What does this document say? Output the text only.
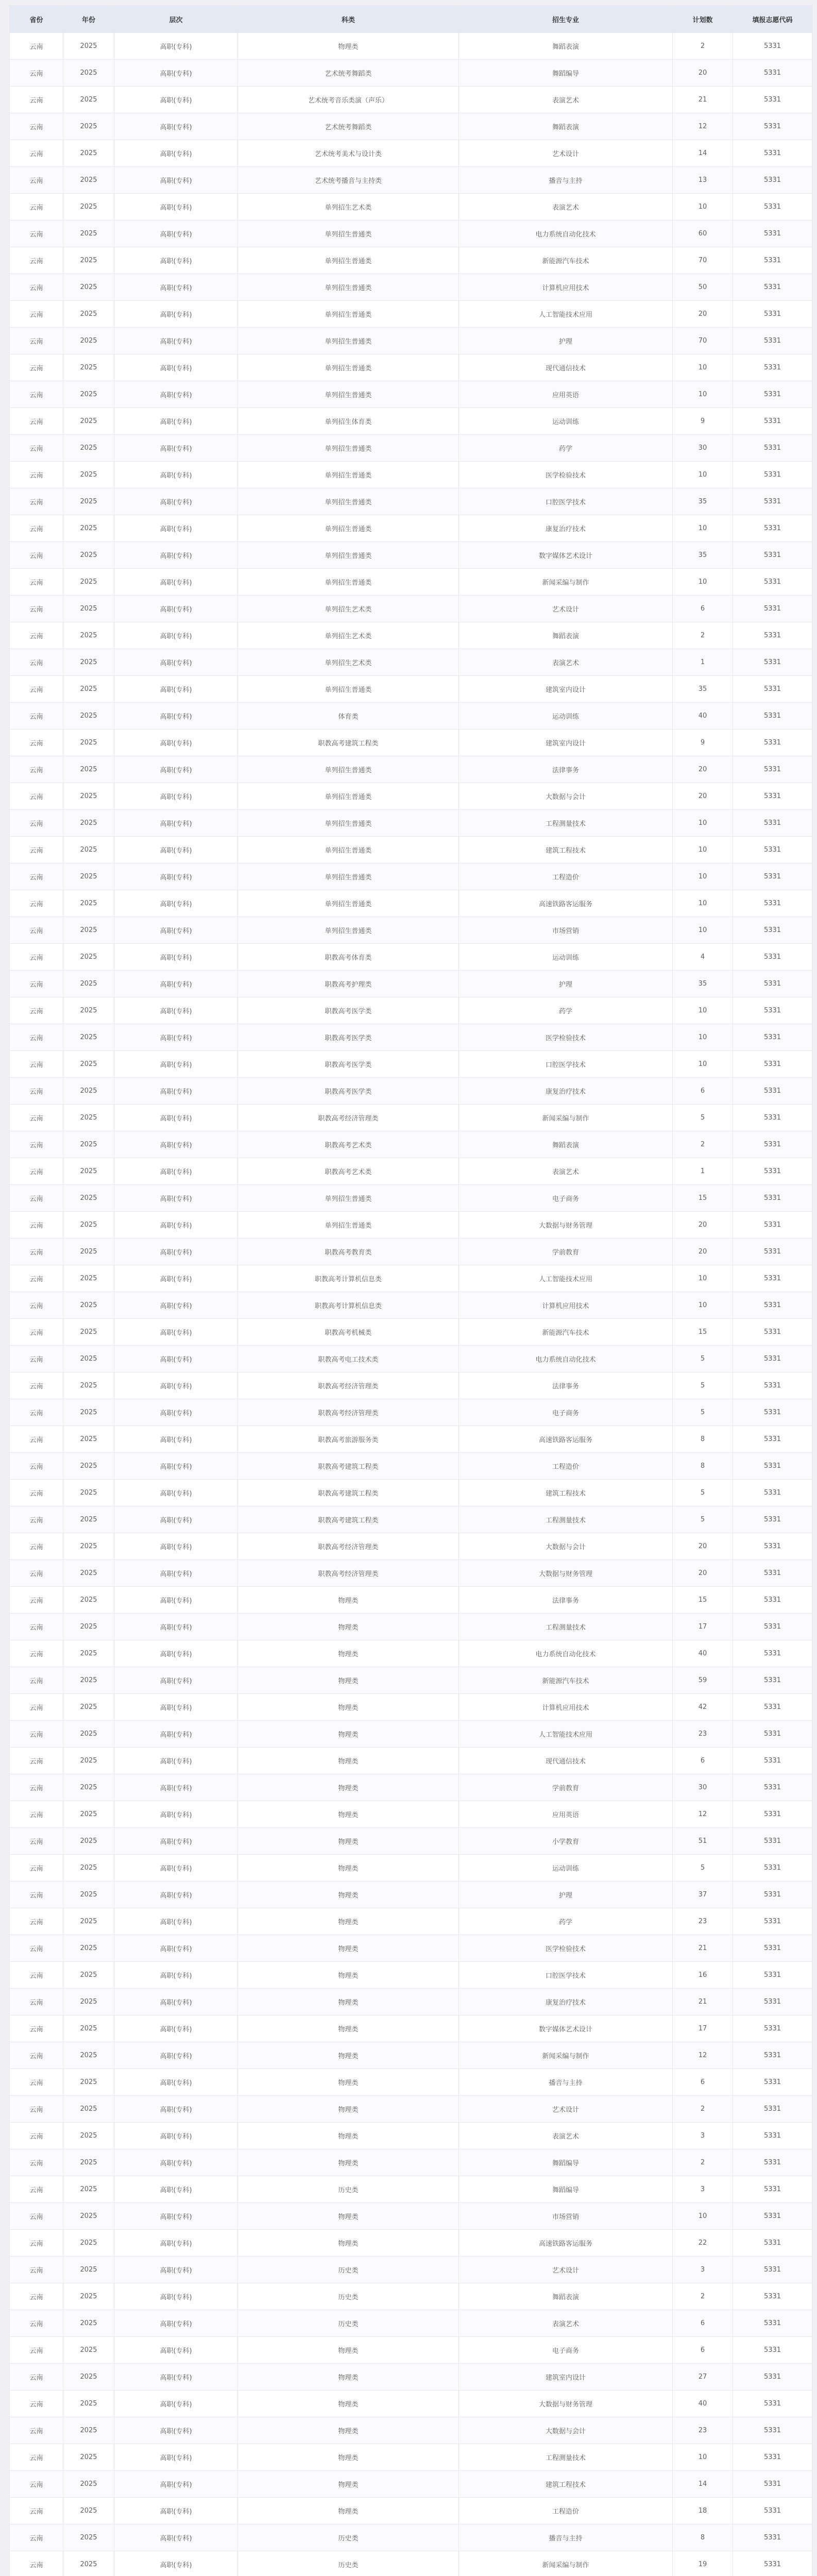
省份	年份	层次	科类	招生专业	计划数	填报志愿代码
云南	2025	高职(专科)	物理类	舞蹈表演	2	5331
云南	2025	高职(专科)	艺术统考舞蹈类	舞蹈编导	20	5331
云南	2025	高职(专科)	艺术统考音乐类演（声乐）	表演艺术	21	5331
云南	2025	高职(专科)	艺术统考舞蹈类	舞蹈表演	12	5331
云南	2025	高职(专科)	艺术统考美术与设计类	艺术设计	14	5331
云南	2025	高职(专科)	艺术统考播音与主持类	播音与主持	13	5331
云南	2025	高职(专科)	单列招生艺术类	表演艺术	10	5331
云南	2025	高职(专科)	单列招生普通类	电力系统自动化技术	60	5331
云南	2025	高职(专科)	单列招生普通类	新能源汽车技术	70	5331
云南	2025	高职(专科)	单列招生普通类	计算机应用技术	50	5331
云南	2025	高职(专科)	单列招生普通类	人工智能技术应用	20	5331
云南	2025	高职(专科)	单列招生普通类	护理	70	5331
云南	2025	高职(专科)	单列招生普通类	现代通信技术	10	5331
云南	2025	高职(专科)	单列招生普通类	应用英语	10	5331
云南	2025	高职(专科)	单列招生体育类	运动训练	9	5331
云南	2025	高职(专科)	单列招生普通类	药学	30	5331
云南	2025	高职(专科)	单列招生普通类	医学检验技术	10	5331
云南	2025	高职(专科)	单列招生普通类	口腔医学技术	35	5331
云南	2025	高职(专科)	单列招生普通类	康复治疗技术	10	5331
云南	2025	高职(专科)	单列招生普通类	数字媒体艺术设计	35	5331
云南	2025	高职(专科)	单列招生普通类	新闻采编与制作	10	5331
云南	2025	高职(专科)	单列招生艺术类	艺术设计	6	5331
云南	2025	高职(专科)	单列招生艺术类	舞蹈表演	2	5331
云南	2025	高职(专科)	单列招生艺术类	表演艺术	1	5331
云南	2025	高职(专科)	单列招生普通类	建筑室内设计	35	5331
云南	2025	高职(专科)	体育类	运动训练	40	5331
云南	2025	高职(专科)	职教高考建筑工程类	建筑室内设计	9	5331
云南	2025	高职(专科)	单列招生普通类	法律事务	20	5331
云南	2025	高职(专科)	单列招生普通类	大数据与会计	20	5331
云南	2025	高职(专科)	单列招生普通类	工程测量技术	10	5331
云南	2025	高职(专科)	单列招生普通类	建筑工程技术	10	5331
云南	2025	高职(专科)	单列招生普通类	工程造价	10	5331
云南	2025	高职(专科)	单列招生普通类	高速铁路客运服务	10	5331
云南	2025	高职(专科)	单列招生普通类	市场营销	10	5331
云南	2025	高职(专科)	职教高考体育类	运动训练	4	5331
云南	2025	高职(专科)	职教高考护理类	护理	35	5331
云南	2025	高职(专科)	职教高考医学类	药学	10	5331
云南	2025	高职(专科)	职教高考医学类	医学检验技术	10	5331
云南	2025	高职(专科)	职教高考医学类	口腔医学技术	10	5331
云南	2025	高职(专科)	职教高考医学类	康复治疗技术	6	5331
云南	2025	高职(专科)	职教高考经济管理类	新闻采编与制作	5	5331
云南	2025	高职(专科)	职教高考艺术类	舞蹈表演	2	5331
云南	2025	高职(专科)	职教高考艺术类	表演艺术	1	5331
云南	2025	高职(专科)	单列招生普通类	电子商务	15	5331
云南	2025	高职(专科)	单列招生普通类	大数据与财务管理	20	5331
云南	2025	高职(专科)	职教高考教育类	学前教育	20	5331
云南	2025	高职(专科)	职教高考计算机信息类	人工智能技术应用	10	5331
云南	2025	高职(专科)	职教高考计算机信息类	计算机应用技术	10	5331
云南	2025	高职(专科)	职教高考机械类	新能源汽车技术	15	5331
云南	2025	高职(专科)	职教高考电工技术类	电力系统自动化技术	5	5331
云南	2025	高职(专科)	职教高考经济管理类	法律事务	5	5331
云南	2025	高职(专科)	职教高考经济管理类	电子商务	5	5331
云南	2025	高职(专科)	职教高考旅游服务类	高速铁路客运服务	8	5331
云南	2025	高职(专科)	职教高考建筑工程类	工程造价	8	5331
云南	2025	高职(专科)	职教高考建筑工程类	建筑工程技术	5	5331
云南	2025	高职(专科)	职教高考建筑工程类	工程测量技术	5	5331
云南	2025	高职(专科)	职教高考经济管理类	大数据与会计	20	5331
云南	2025	高职(专科)	职教高考经济管理类	大数据与财务管理	20	5331
云南	2025	高职(专科)	物理类	法律事务	15	5331
云南	2025	高职(专科)	物理类	工程测量技术	17	5331
云南	2025	高职(专科)	物理类	电力系统自动化技术	40	5331
云南	2025	高职(专科)	物理类	新能源汽车技术	59	5331
云南	2025	高职(专科)	物理类	计算机应用技术	42	5331
云南	2025	高职(专科)	物理类	人工智能技术应用	23	5331
云南	2025	高职(专科)	物理类	现代通信技术	6	5331
云南	2025	高职(专科)	物理类	学前教育	30	5331
云南	2025	高职(专科)	物理类	应用英语	12	5331
云南	2025	高职(专科)	物理类	小学教育	51	5331
云南	2025	高职(专科)	物理类	运动训练	5	5331
云南	2025	高职(专科)	物理类	护理	37	5331
云南	2025	高职(专科)	物理类	药学	23	5331
云南	2025	高职(专科)	物理类	医学检验技术	21	5331
云南	2025	高职(专科)	物理类	口腔医学技术	16	5331
云南	2025	高职(专科)	物理类	康复治疗技术	21	5331
云南	2025	高职(专科)	物理类	数字媒体艺术设计	17	5331
云南	2025	高职(专科)	物理类	新闻采编与制作	12	5331
云南	2025	高职(专科)	物理类	播音与主持	6	5331
云南	2025	高职(专科)	物理类	艺术设计	2	5331
云南	2025	高职(专科)	物理类	表演艺术	3	5331
云南	2025	高职(专科)	物理类	舞蹈编导	2	5331
云南	2025	高职(专科)	历史类	舞蹈编导	3	5331
云南	2025	高职(专科)	物理类	市场营销	10	5331
云南	2025	高职(专科)	物理类	高速铁路客运服务	22	5331
云南	2025	高职(专科)	历史类	艺术设计	3	5331
云南	2025	高职(专科)	历史类	舞蹈表演	2	5331
云南	2025	高职(专科)	历史类	表演艺术	6	5331
云南	2025	高职(专科)	物理类	电子商务	6	5331
云南	2025	高职(专科)	物理类	建筑室内设计	27	5331
云南	2025	高职(专科)	物理类	大数据与财务管理	40	5331
云南	2025	高职(专科)	物理类	大数据与会计	23	5331
云南	2025	高职(专科)	物理类	工程测量技术	10	5331
云南	2025	高职(专科)	物理类	建筑工程技术	14	5331
云南	2025	高职(专科)	物理类	工程造价	18	5331
云南	2025	高职(专科)	历史类	播音与主持	8	5331
云南	2025	高职(专科)	历史类	新闻采编与制作	19	5331
